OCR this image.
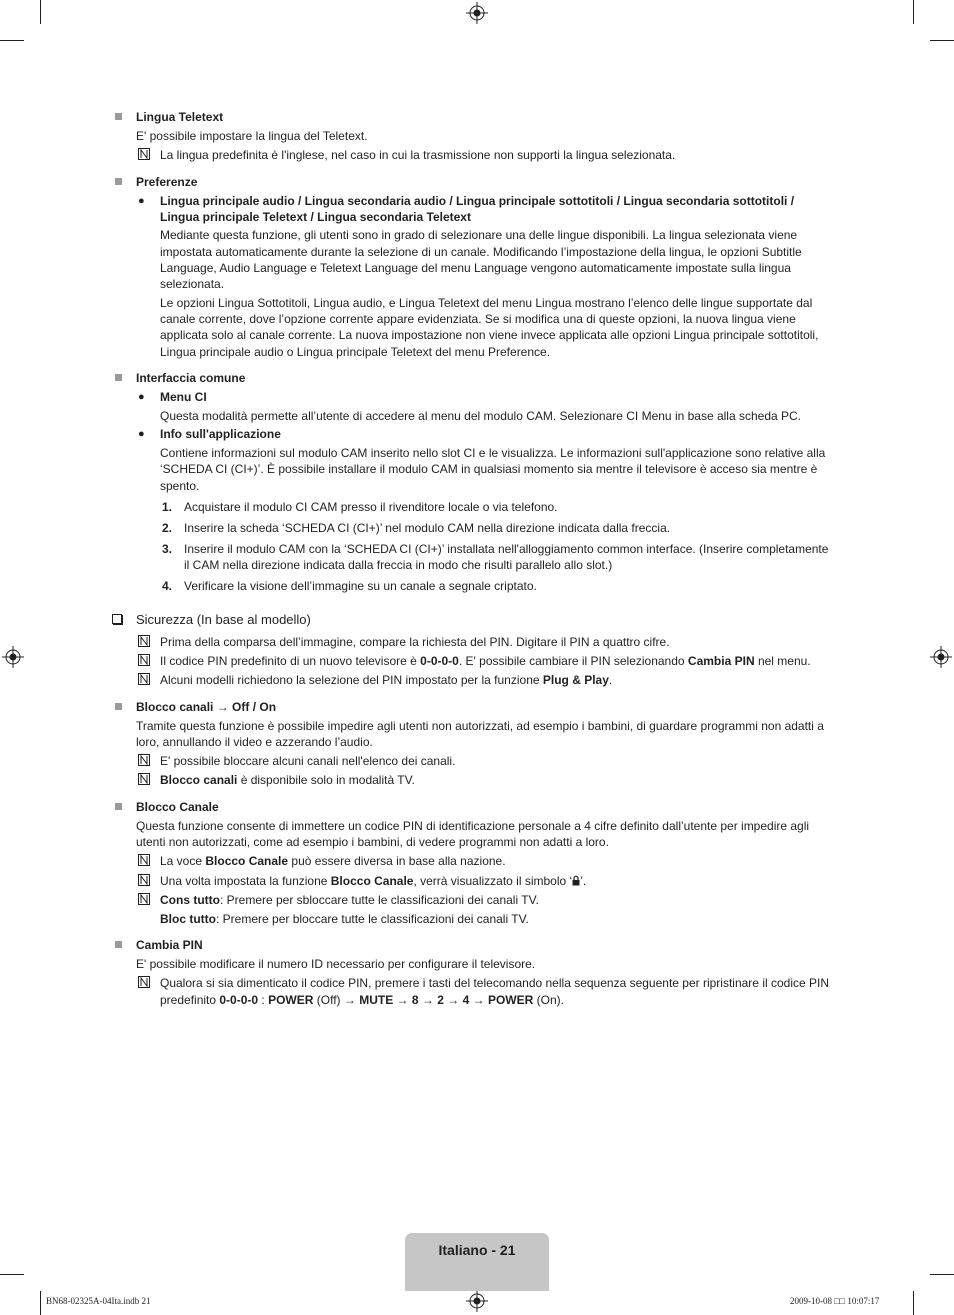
Lingua Teletext
E' possibile impostare la lingua del Teletext.
La lingua predefinita è l'inglese, nel caso in cui la trasmissione non supporti la lingua selezionata.
Preferenze
● Lingua principale audio / Lingua secondaria audio / Lingua principale sottotitoli / Lingua secondaria sottotitoli /
Lingua principale Teletext / Lingua secondaria Teletext
Mediante questa funzione, gli utenti sono in grado di selezionare una delle lingue disponibili. La lingua selezionata viene
impostata automaticamente durante la selezione di un canale. Modificando l’impostazione della lingua, le opzioni Subtitle
Language, Audio Language e Teletext Language del menu Language vengono automaticamente impostate sulla lingua
selezionata.
Le opzioni Lingua Sottotitoli, Lingua audio, e Lingua Teletext del menu Lingua mostrano l’elenco delle lingue supportate dal
canale corrente, dove l’opzione corrente appare evidenziata. Se si modifica una di queste opzioni, la nuova lingua viene
applicata solo al canale corrente. La nuova impostazione non viene invece applicata alle opzioni Lingua principale sottotitoli,
Lingua principale audio o Lingua principale Teletext del menu Preference.
Interfaccia comune
● Menu CI
Questa modalità permette all’utente di accedere al menu del modulo CAM. Selezionare CI Menu in base alla scheda PC.
● Info sull'applicazione
Contiene informazioni sul modulo CAM inserito nello slot CI e le visualizza. Le informazioni sull'applicazione sono relative alla
‘SCHEDA CI (CI+)’. È possibile installare il modulo CAM in qualsiasi momento sia mentre il televisore è acceso sia mentre è
spento.
1. Acquistare il modulo CI CAM presso il rivenditore locale o via telefono.
2. Inserire la scheda ‘SCHEDA CI (CI+)’ nel modulo CAM nella direzione indicata dalla freccia.
3. Inserire il modulo CAM con la ‘SCHEDA CI (CI+)’ installata nell'alloggiamento common interface. (Inserire completamente
il CAM nella direzione indicata dalla freccia in modo che risulti parallelo allo slot.)
4. Verificare la visione dell’immagine su un canale a segnale criptato.
Sicurezza (In base al modello)
Prima della comparsa dell’immagine, compare la richiesta del PIN. Digitare il PIN a quattro cifre.
Il codice PIN predefinito di un nuovo televisore è 0-0-0-0. E' possibile cambiare il PIN selezionando Cambia PIN nel menu.
Alcuni modelli richiedono la selezione del PIN impostato per la funzione Plug & Play.
Blocco canali → Off / On
Tramite questa funzione è possibile impedire agli utenti non autorizzati, ad esempio i bambini, di guardare programmi non adatti a
loro, annullando il video e azzerando l’audio.
E' possibile bloccare alcuni canali nell'elenco dei canali.
Blocco canali è disponibile solo in modalità TV.
Blocco Canale
Questa funzione consente di immettere un codice PIN di identificazione personale a 4 cifre definito dall’utente per impedire agli
utenti non autorizzati, come ad esempio i bambini, di vedere programmi non adatti a loro.
La voce Blocco Canale può essere diversa in base alla nazione.
Una volta impostata la funzione Blocco Canale, verrà visualizzato il simbolo ‘ ’.
Cons tutto: Premere per sbloccare tutte le classificazioni dei canali TV.
Bloc tutto: Premere per bloccare tutte le classificazioni dei canali TV.
Cambia PIN
E' possibile modificare il numero ID necessario per configurare il televisore.
Qualora si sia dimenticato il codice PIN, premere i tasti del telecomando nella sequenza seguente per ripristinare il codice PIN
predefinito 0-0-0-0 : POWER (Off) → MUTE → 8 → 2 → 4 → POWER (On).
Italiano - 21
BN68-02325A-04Ita.indb 21	2009-10-08 □□ 10:07:17
